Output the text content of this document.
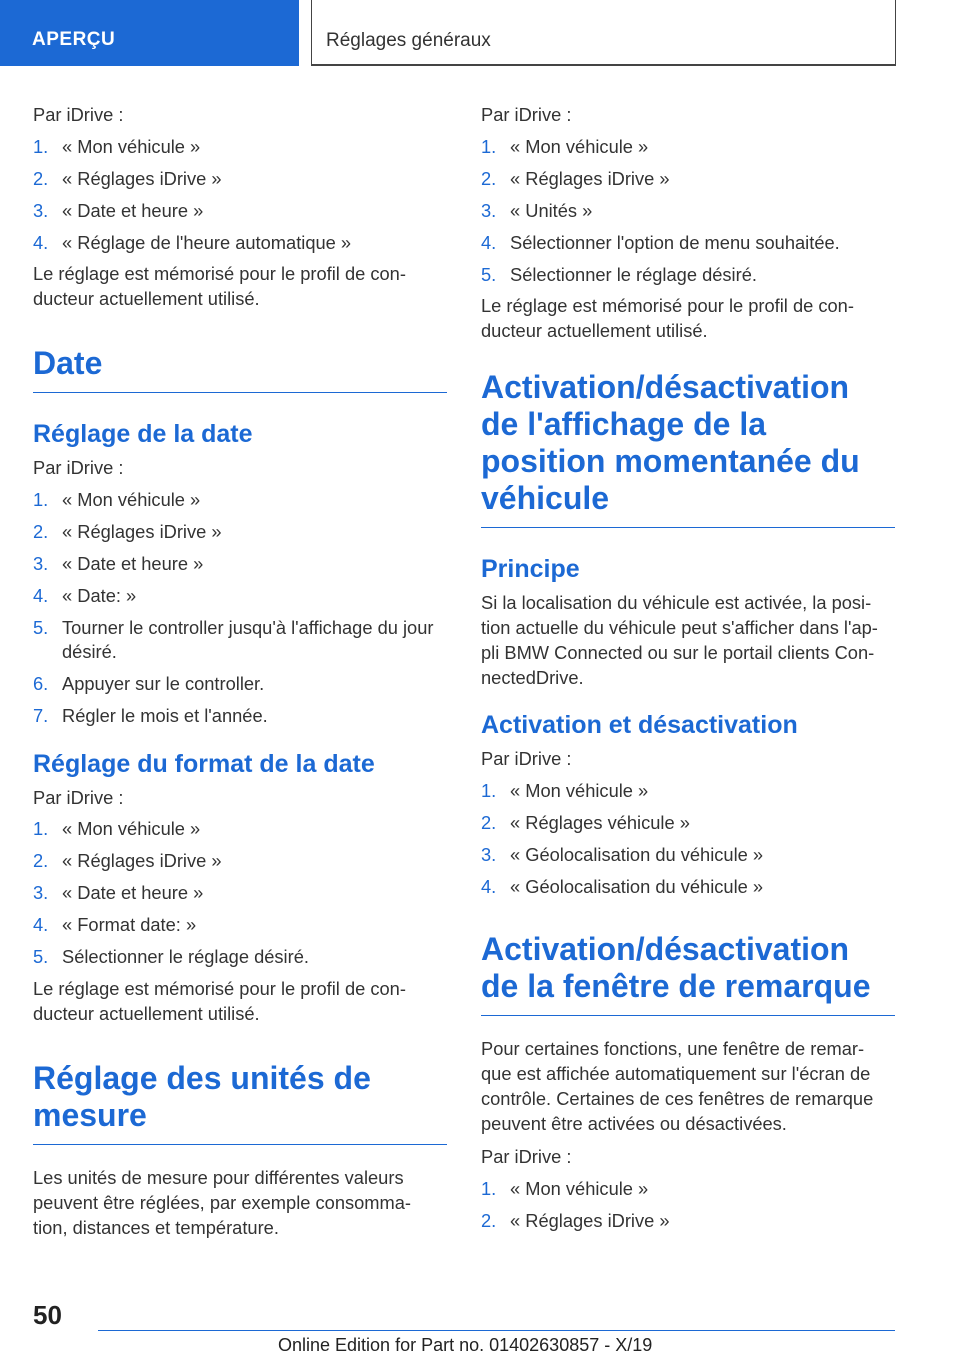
APERÇU	Réglages généraux

Par iDrive :

1. « Mon véhicule »
2. « Réglages iDrive »
3. « Date et heure »
4. « Réglage de l'heure automatique »

Le réglage est mémorisé pour le profil de con‐ ducteur actuellement utilisé.

Date
Réglage de la date

Par iDrive :

1. « Mon véhicule »
2. « Réglages iDrive »
3. « Date et heure »
4. « Date: »
5. Tourner le controller jusqu'à l'affichage du jour désiré.
6. Appuyer sur le controller.
7. Régler le mois et l'année.
Réglage du format de la date

Par iDrive :

1. « Mon véhicule »
2. « Réglages iDrive »
3. « Date et heure »
4. « Format date: »
5. Sélectionner le réglage désiré.

Le réglage est mémorisé pour le profil de con‐ ducteur actuellement utilisé.

Réglage des unités de mesure

Les unités de mesure pour différentes valeurs peuvent être réglées, par exemple consomma‐ tion, distances et température.

Par iDrive :

1. « Mon véhicule »
2. « Réglages iDrive »
3. « Unités »
4. Sélectionner l'option de menu souhaitée.
5. Sélectionner le réglage désiré.

Le réglage est mémorisé pour le profil de con‐ ducteur actuellement utilisé.

Activation/désactivation de l'affichage de la position momentanée du véhicule
Principe

Si la localisation du véhicule est activée, la posi‐ tion actuelle du véhicule peut s'afficher dans l'ap‐ pli BMW Connected ou sur le portail clients Con‐ nectedDrive.

Activation et désactivation

Par iDrive :

1. « Mon véhicule »
2. « Réglages véhicule »
3. « Géolocalisation du véhicule »
4. « Géolocalisation du véhicule »
Activation/désactivation de la fenêtre de remarque

Pour certaines fonctions, une fenêtre de remar‐ que est affichée automatiquement sur l'écran de contrôle. Certaines de ces fenêtres de remarque peuvent être activées ou désactivées.

Par iDrive :

1. « Mon véhicule »
2. « Réglages iDrive »
50
Online Edition for Part no. 01402630857 - X/19
